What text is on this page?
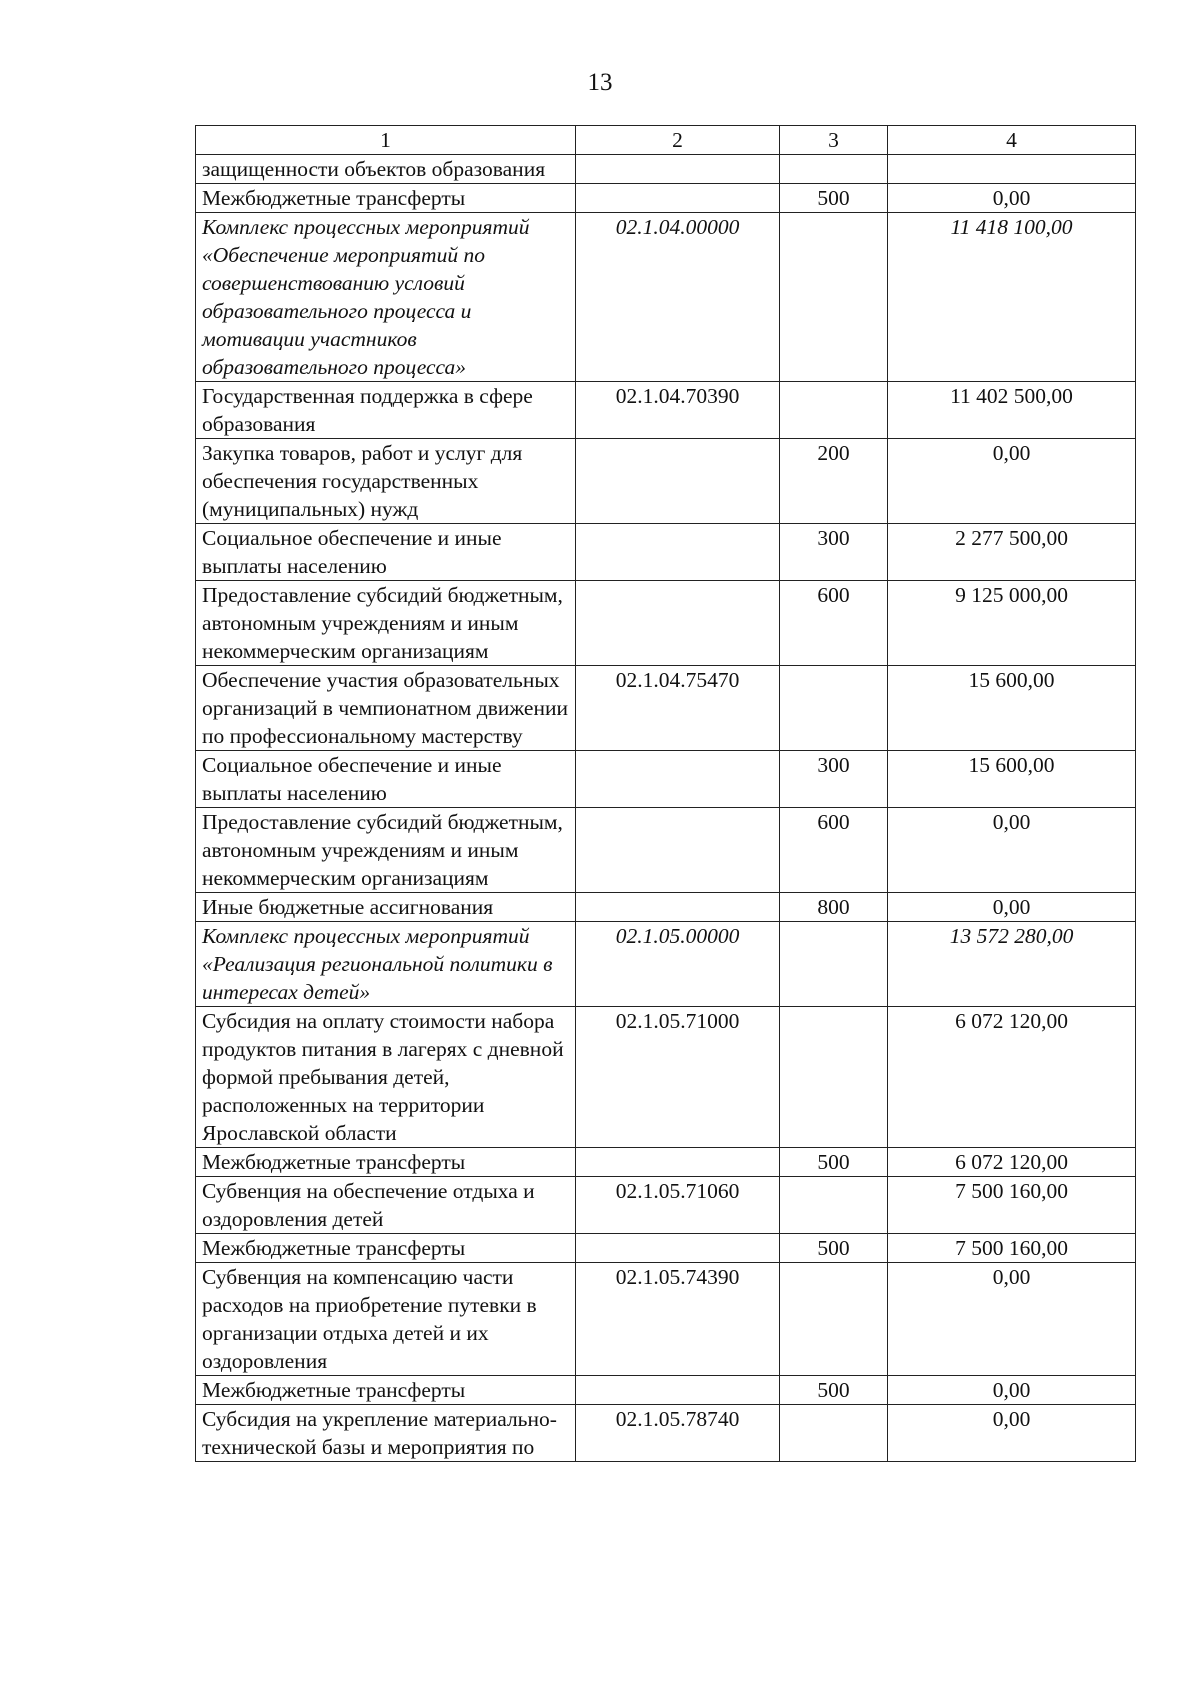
13
1	2	3	4
защищенности объектов образования			
Межбюджетные трансферты		500	0,00
Комплекс процессных мероприятий «Обеспечение мероприятий по совершенствованию условий образовательного процесса и мотивации участников образовательного процесса»	02.1.04.00000		11 418 100,00
Государственная поддержка в сфере образования	02.1.04.70390		11 402 500,00
Закупка товаров, работ и услуг для обеспечения государственных (муниципальных) нужд		200	0,00
Социальное обеспечение и иные выплаты населению		300	2 277 500,00
Предоставление субсидий бюджетным, автономным учреждениям и иным некоммерческим организациям		600	9 125 000,00
Обеспечение участия образовательных организаций в чемпионатном движении по профессиональному мастерству	02.1.04.75470		15 600,00
Социальное обеспечение и иные выплаты населению		300	15 600,00
Предоставление субсидий бюджетным, автономным учреждениям и иным некоммерческим организациям		600	0,00
Иные бюджетные ассигнования		800	0,00
Комплекс процессных мероприятий «Реализация региональной политики в интересах детей»	02.1.05.00000		13 572 280,00
Субсидия на оплату стоимости набора продуктов питания в лагерях с дневной формой пребывания детей, расположенных на территории Ярославской области	02.1.05.71000		6 072 120,00
Межбюджетные трансферты		500	6 072 120,00
Субвенция на обеспечение отдыха и оздоровления детей	02.1.05.71060		7 500 160,00
Межбюджетные трансферты		500	7 500 160,00
Субвенция на компенсацию части расходов на приобретение путевки в организации отдыха детей и их оздоровления	02.1.05.74390		0,00
Межбюджетные трансферты		500	0,00
Субсидия на укрепление материально-технической базы и мероприятия по	02.1.05.78740		0,00
